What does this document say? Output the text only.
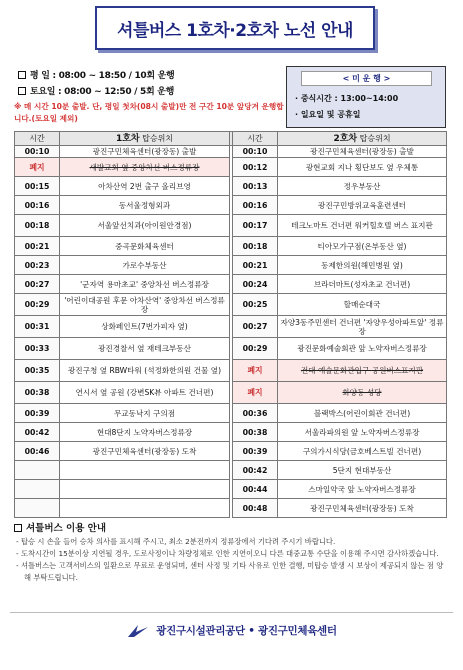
셔틀버스 1호차·2호차 노선 안내
평 일 : 08:00 ~ 18:50 / 10회 운행
토요일 : 08:00 ~ 12:50 / 5회 운행
※ 매 시간 10분 출발. 단, 평일 첫차(08시 출발)만 전 구간 10분 앞당겨 운행합니다.(토요일 제외)
< 미 운 행 >
· 중식시간 : 13:00~14:00
· 일요일 및 공휴일
시간	1호차 탑승위치		시간	2호차 탑승위치
00:10	광진구민체육센터(광장동) 출발		00:10	광진구민체육센터(광장동) 출발
폐지	새발교회 옆 중앙차선 버스정류장		00:12	광현교회 지나 횡단보도 옆 우체통
00:15	아차산역 2번 출구 올리브영		00:13	정우부동산
00:16	동서울정형외과		00:16	광진구민방위교육훈련센터
00:18	서울앞선치과(아이원안경점)		00:17	테크노마트 건너편 워커힐호텔 버스 표지판
00:21	중곡문화체육센터		00:18	티아모가구점(온부동산 옆)
00:23	가로수부동산		00:21	동제한의원(해민병원 옆)
00:27	'군자역 용마초교' 중앙차선 버스정류장		00:24	브라더마트(성자초교 건너편)
00:29	'어린이대공원 후문 아차산역' 중앙차선 버스정류장		00:25	할매순대국
00:31	상화페인트(7번가피자 옆)		00:27	자양3동주민센터 건너편 '자양우성아파트앞' 정류장
00:33	광진경찰서 옆 재테크부동산		00:29	광진문화예술회관 앞 노약자버스정류장
00:35	광진구청 옆 RBW타워 (석정화한의원 건물 옆)		폐지	건대 예술문화관입구 공원버스표지판
00:38	연시서 옆 공원 (강변SK뷰 아파트 건너편)		폐지	화양동 성당
00:39	무교동낙지 구의점		00:36	블랙박스(어린이회관 건너편)
00:42	현대8단지 노약자버스정류장		00:38	서울라파의원 앞 노약자버스정류장
00:46	광진구민체육센터(광장동) 도착		00:39	구의가시식당(금호베스트빌 건너편)
			00:42	5단지 현대부동산
			00:44	스마일약국 앞 노약자버스정류장
			00:48	광진구민체육센터(광장동) 도착
셔틀버스 이용 안내
- 탑승 시 손을 들어 승차 의사를 표시해 주시고, 최소 2분전까지 정류장에서 기다려 주시기 바랍니다.
- 도착시간이 15분이상 지연될 경우, 도로사정이나 차량정체로 인한 지연이오니 다른 대중교통 수단을 이용해 주시면 감사하겠습니다.
- 셔틀버스는 고객서비스의 일환으로 무료로 운영되며, 센터 사정 및 기타 사유로 인한 결행, 미탑승 발생 시 보상이 제공되지 않는 점 양해 부탁드립니다.
광진구시설관리공단 • 광진구민체육센터
